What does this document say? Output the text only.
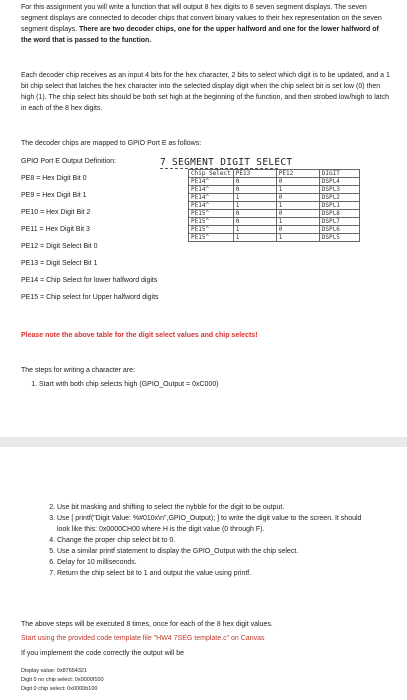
For this assignment you will write a function that will output 8 hex digits to 8 seven segment displays. The seven segment displays are connected to decoder chips that convert binary values to their hex representation on the seven segment displays. There are two decoder chips, one for the upper halfword and one for the lower halfword of the word that is passed to the function.

Each decoder chip receives as an input 4 bits for the hex character, 2 bits to select which digit is to be updated, and a 1 bit chip select that latches the hex character into the selected display digit when the chip select bit is set low (0) then high (1). The chip select bits should be both set high at the beginning of the function, and then strobed low/high to latch in each of the 8 hex digits.

The decoder chips are mapped to GPIO Port E as follows:

GPIO Port E Output Definition:
PE8 = Hex Digit Bit 0
PE9 = Hex Digit Bit 1
PE10 = Hex Digit Bit 2
PE11 = Hex Digit Bit 3
PE12 = Digit Select Bit 0
PE13 = Digit Select Bit 1
PE14 = Chip Select for lower halfword digits
PE15 = Chip select for Upper halfword digits
7 SEGMENT DIGIT SELECT
Chip Select	PE13	PE12	DIGIT
PE14^	0	0	DSPL4
PE14^	0	1	DSPL3
PE14^	1	0	DSPL2
PE14^	1	1	DSPL1
PE15^	0	0	DSPL8
PE15^	0	1	DSPL7
PE15^	1	0	DSPL6
PE15^	1	1	DSPL5

Please note the above table for the digit select values and chip selects!

The steps for writing a character are:

1. Start with both chip selects high (GPIO_Output = 0xC000)
2. Use bit masking and shifting to select the nybble for the digit to be output.
3. Use [ printf("Digit Value: %#010x\n",GPIO_Output); ] to write the digit value to the screen. It should look like this: 0x0000CH00 where H is the digit value (0 through F).
4. Change the proper chip select bit to 0.
5. Use a similar printf statement to display the GPIO_Output with the chip select.
6. Delay for 10 milliseconds.
7. Return the chip select bit to 1 and output the value using printf.

The above steps will be executed 8 times, once for each of the 8 hex digit values.

Start using the provided code template file "HW4 7SEG template.c" on Canvas

If you implement the code correctly the output will be

Display value: 0x87654321
Digit 0 no chip select: 0x0000f100
Digit 0 chip select: 0x0000b100
